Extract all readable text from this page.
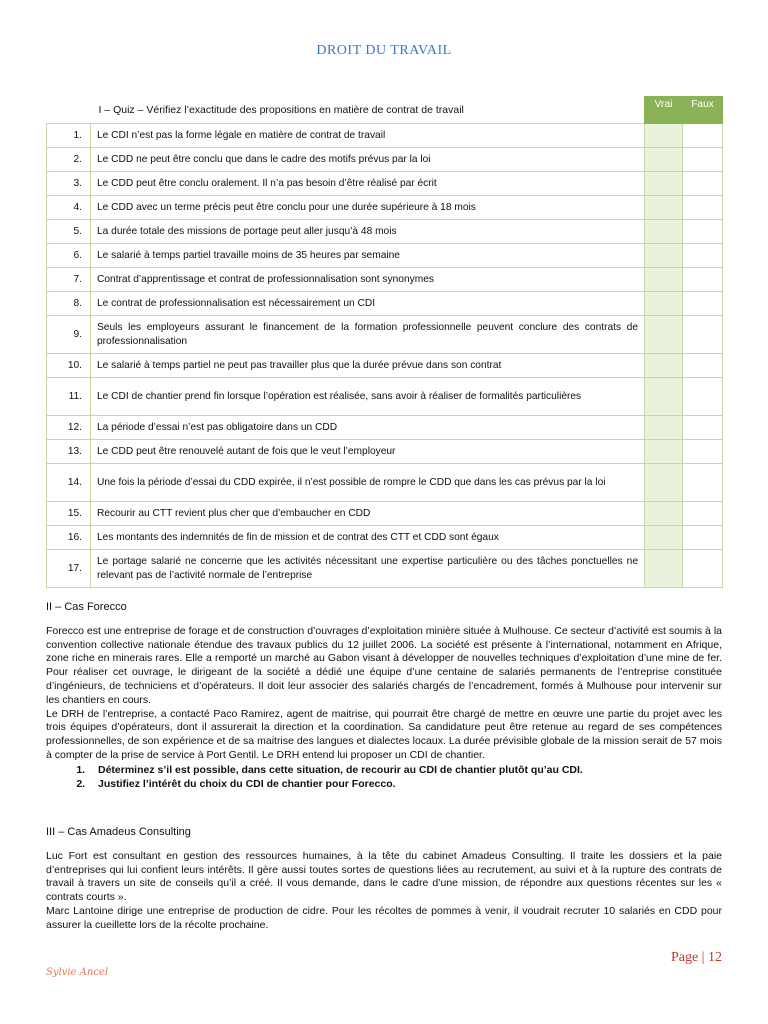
DROIT DU TRAVAIL
I – Quiz – Vérifiez l’exactitude des propositions en matière de contrat de travail		Vrai	Faux
1.	Le CDI n’est pas la forme légale en matière de contrat de travail		
2.	Le CDD ne peut être conclu que dans le cadre des motifs prévus par la loi		
3.	Le CDD peut être conclu oralement. Il n’a pas besoin d’être réalisé par écrit		
4.	Le CDD avec un terme précis peut être conclu pour une durée supérieure à 18 mois		
5.	La durée totale des missions de portage peut aller jusqu’à 48 mois		
6.	Le salarié à temps partiel travaille moins de 35 heures par semaine		
7.	Contrat d’apprentissage et contrat de professionnalisation sont synonymes		
8.	Le contrat de professionnalisation est nécessairement un CDI		
9.	Seuls les employeurs assurant le financement de la formation professionnelle peuvent conclure des contrats de professionnalisation		
10.	Le salarié à temps partiel ne peut pas travailler plus que la durée prévue dans son contrat		
11.	Le CDI de chantier prend fin lorsque l’opération est réalisée, sans avoir à réaliser de formalités particulières		
12.	La période d’essai n’est pas obligatoire dans un CDD		
13.	Le CDD peut être renouvelé autant de fois que le veut l’employeur		
14.	Une fois la période d’essai du CDD expirée, il n’est possible de rompre le CDD que dans les cas prévus par la loi		
15.	Recourir au CTT revient plus cher que d’embaucher en CDD		
16.	Les montants des indemnités de fin de mission et de contrat des CTT et CDD sont égaux		
17.	Le portage salarié ne concerne que les activités nécessitant une expertise particulière ou des tâches ponctuelles ne relevant pas de l’activité normale de l’entreprise		
II – Cas Forecco
Forecco est une entreprise de forage et de construction d’ouvrages d’exploitation minière située à Mulhouse. Ce secteur d’activité est soumis à la convention collective nationale étendue des travaux publics du 12 juillet 2006. La société est présente à l’international, notamment en Afrique, zone riche en minerais rares. Elle a remporté un marché au Gabon visant à développer de nouvelles techniques d’exploitation d’une mine de fer. Pour réaliser cet ouvrage, le dirigeant de la société a dédié une équipe d’une centaine de salariés permanents de l’entreprise constituée d’ingénieurs, de techniciens et d’opérateurs. Il doit leur associer des salariés chargés de l’encadrement, formés à Mulhouse pour intervenir sur les chantiers en cours.
Le DRH de l’entreprise, a contacté Paco Ramirez, agent de maitrise, qui pourrait être chargé de mettre en œuvre une partie du projet avec les trois équipes d’opérateurs, dont il assurerait la direction et la coordination. Sa candidature peut être retenue au regard de ses compétences professionnelles, de son expérience et de sa maitrise des langues et dialectes locaux. La durée prévisible globale de la mission serait de 57 mois à compter de la prise de service à Port Gentil. Le DRH entend lui proposer un CDI de chantier.
1. Déterminez s’il est possible, dans cette situation, de recourir au CDI de chantier plutôt qu’au CDI.
2. Justifiez l’intérêt du choix du CDI de chantier pour Forecco.
III – Cas Amadeus Consulting
Luc Fort est consultant en gestion des ressources humaines, à la tête du cabinet Amadeus Consulting. Il traite les dossiers et la paie d’entreprises qui lui confient leurs intérêts. Il gère aussi toutes sortes de questions liées au recrutement, au suivi et à la rupture des contrats de travail à travers un site de conseils qu’il a créé. Il vous demande, dans le cadre d’une mission, de répondre aux questions récentes sur les « contrats courts ».
Marc Lantoine dirige une entreprise de production de cidre. Pour les récoltes de pommes à venir, il voudrait recruter 10 salariés en CDD pour assurer la cueillette lors de la récolte prochaine.
Page | 12
Sylvie Ancel
